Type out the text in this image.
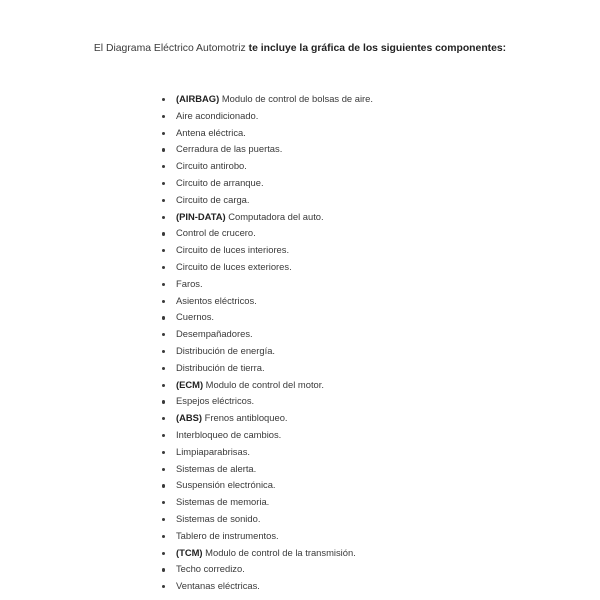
El Diagrama Eléctrico Automotriz te incluye la gráfica de los siguientes componentes:

(AIRBAG) Modulo de control de bolsas de aire.
Aire acondicionado.
Antena eléctrica.
Cerradura de las puertas.
Circuito antirobo.
Circuito de arranque.
Circuito de carga.
(PIN-DATA) Computadora del auto.
Control de crucero.
Circuito de luces interiores.
Circuito de luces exteriores.
Faros.
Asientos eléctricos.
Cuernos.
Desempañadores.
Distribución de energía.
Distribución de tierra.
(ECM) Modulo de control del motor.
Espejos eléctricos.
(ABS) Frenos antibloqueo.
Interbloqueo de cambios.
Limpiaparabrisas.
Sistemas de alerta.
Suspensión electrónica.
Sistemas de memoria.
Sistemas de sonido.
Tablero de instrumentos.
(TCM) Modulo de control de la transmisión.
Techo corredizo.
Ventanas eléctricas.
